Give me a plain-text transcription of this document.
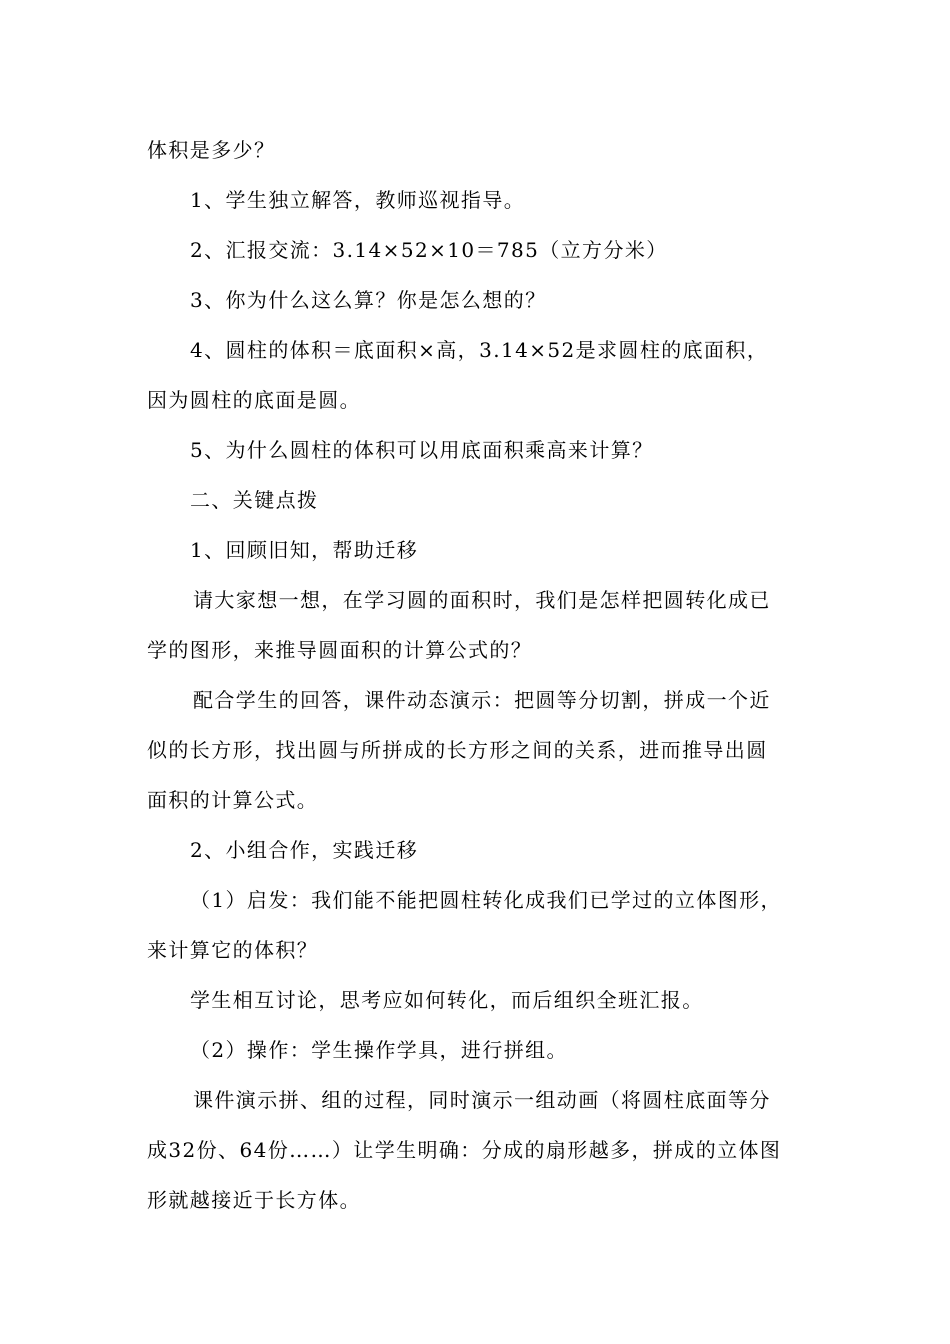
体积是多少？

1、学生独立解答，教师巡视指导。

2、汇报交流：3.14×52×10＝785（立方分米）

3、你为什么这么算？你是怎么想的？

4、圆柱的体积＝底面积×高，3.14×52是求圆柱的底面积，

因为圆柱的底面是圆。

5、为什么圆柱的体积可以用底面积乘高来计算？

二、关键点拨

1、回顾旧知，帮助迁移

请大家想一想，在学习圆的面积时，我们是怎样把圆转化成已

学的图形，来推导圆面积的计算公式的？

配合学生的回答，课件动态演示：把圆等分切割，拼成一个近

似的长方形，找出圆与所拼成的长方形之间的关系，进而推导出圆

面积的计算公式。

2、小组合作，实践迁移

（1）启发：我们能不能把圆柱转化成我们已学过的立体图形，

来计算它的体积？

学生相互讨论，思考应如何转化，而后组织全班汇报。

（2）操作：学生操作学具，进行拼组。

课件演示拼、组的过程，同时演示一组动画（将圆柱底面等分

成32份、64份……）让学生明确：分成的扇形越多，拼成的立体图

形就越接近于长方体。
